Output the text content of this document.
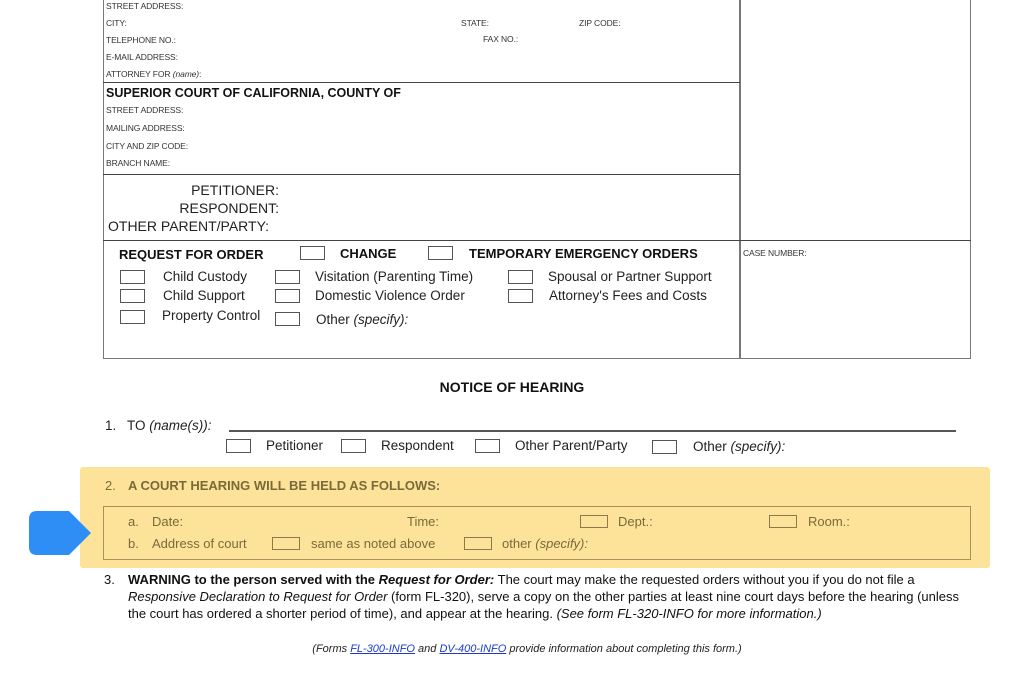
STREET ADDRESS:
CITY:	STATE:	ZIP CODE:
TELEPHONE NO.:	FAX NO.:
E-MAIL ADDRESS:
ATTORNEY FOR (name):
SUPERIOR COURT OF CALIFORNIA, COUNTY OF
STREET ADDRESS:
MAILING ADDRESS:
CITY AND ZIP CODE:
BRANCH NAME:
PETITIONER:
RESPONDENT:
OTHER PARENT/PARTY:
REQUEST FOR ORDER	CHANGE	TEMPORARY EMERGENCY ORDERS
Child Custody	Visitation (Parenting Time)	Spousal or Partner Support
Child Support	Domestic Violence Order	Attorney's Fees and Costs
Property Control	Other (specify):
CASE NUMBER:
NOTICE OF HEARING
1. TO (name(s)):
Petitioner	Respondent	Other Parent/Party	Other (specify):
2. A COURT HEARING WILL BE HELD AS FOLLOWS:
a. Date:	Time:	Dept.:	Room.:
b. Address of court	same as noted above	other (specify):
3. WARNING to the person served with the Request for Order: The court may make the requested orders without you if you do not file a Responsive Declaration to Request for Order (form FL-320), serve a copy on the other parties at least nine court days before the hearing (unless the court has ordered a shorter period of time), and appear at the hearing. (See form FL-320-INFO for more information.)
(Forms FL-300-INFO and DV-400-INFO provide information about completing this form.)
